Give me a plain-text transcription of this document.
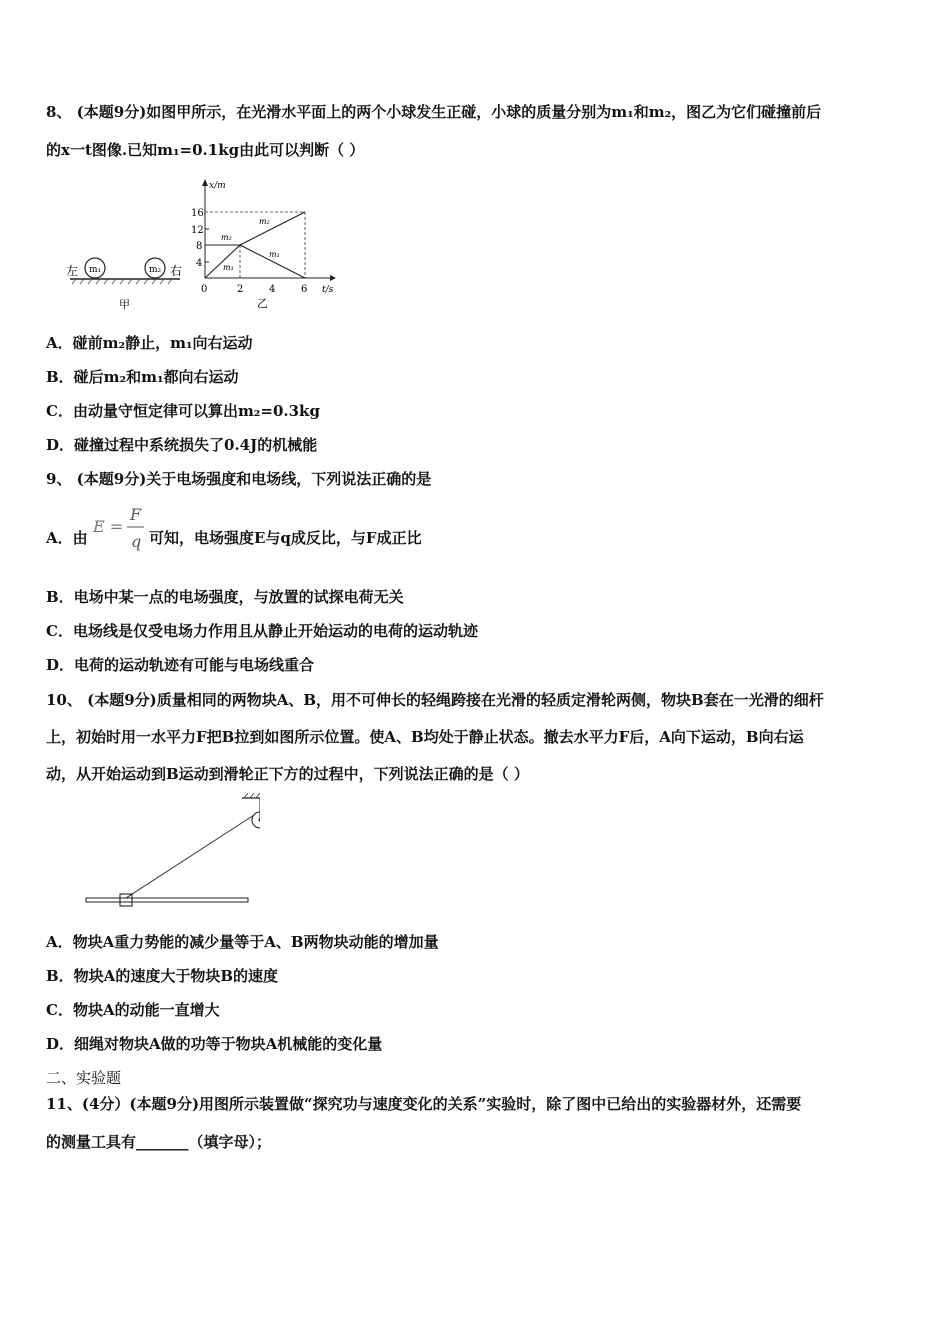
8、 (本题9分)如图甲所示，在光滑水平面上的两个小球发生正碰，小球的质量分别为m₁和m₂，图乙为它们碰撞前后
的x一t图像.已知m₁=0.1kg由此可以判断（ ）
左 m₁	m₂ 右
甲
x/m
t/s
16
12
8
4
0	2	4	6
m₂
m₂
m₁
m₁
乙
A．碰前m₂静止，m₁向右运动
B．碰后m₂和m₁都向右运动
C．由动量守恒定律可以算出m₂=0.3kg
D．碰撞过程中系统损失了0.4J的机械能
9、 (本题9分)关于电场强度和电场线，下列说法正确的是
A．由
E =
F
q 可知，电场强度E与q成反比，与F成正比
B．电场中某一点的电场强度，与放置的试探电荷无关
C．电场线是仅受电场力作用且从静止开始运动的电荷的运动轨迹
D．电荷的运动轨迹有可能与电场线重合
10、 (本题9分)质量相同的两物块A、B，用不可伸长的轻绳跨接在光滑的轻质定滑轮两侧，物块B套在一光滑的细杆
上，初始时用一水平力F把B拉到如图所示位置。使A、B均处于静止状态。撤去水平力F后，A向下运动，B向右运
动，从开始运动到B运动到滑轮正下方的过程中，下列说法正确的是（ ）
A．物块A重力势能的减少量等于A、B两物块动能的增加量
B．物块A的速度大于物块B的速度
C．物块A的动能一直增大
D．细绳对物块A做的功等于物块A机械能的变化量
二、实验题
11、(4分）(本题9分)用图所示装置做“探究功与速度变化的关系”实验时，除了图中已给出的实验器材外，还需要
的测量工具有_______（填字母）；
